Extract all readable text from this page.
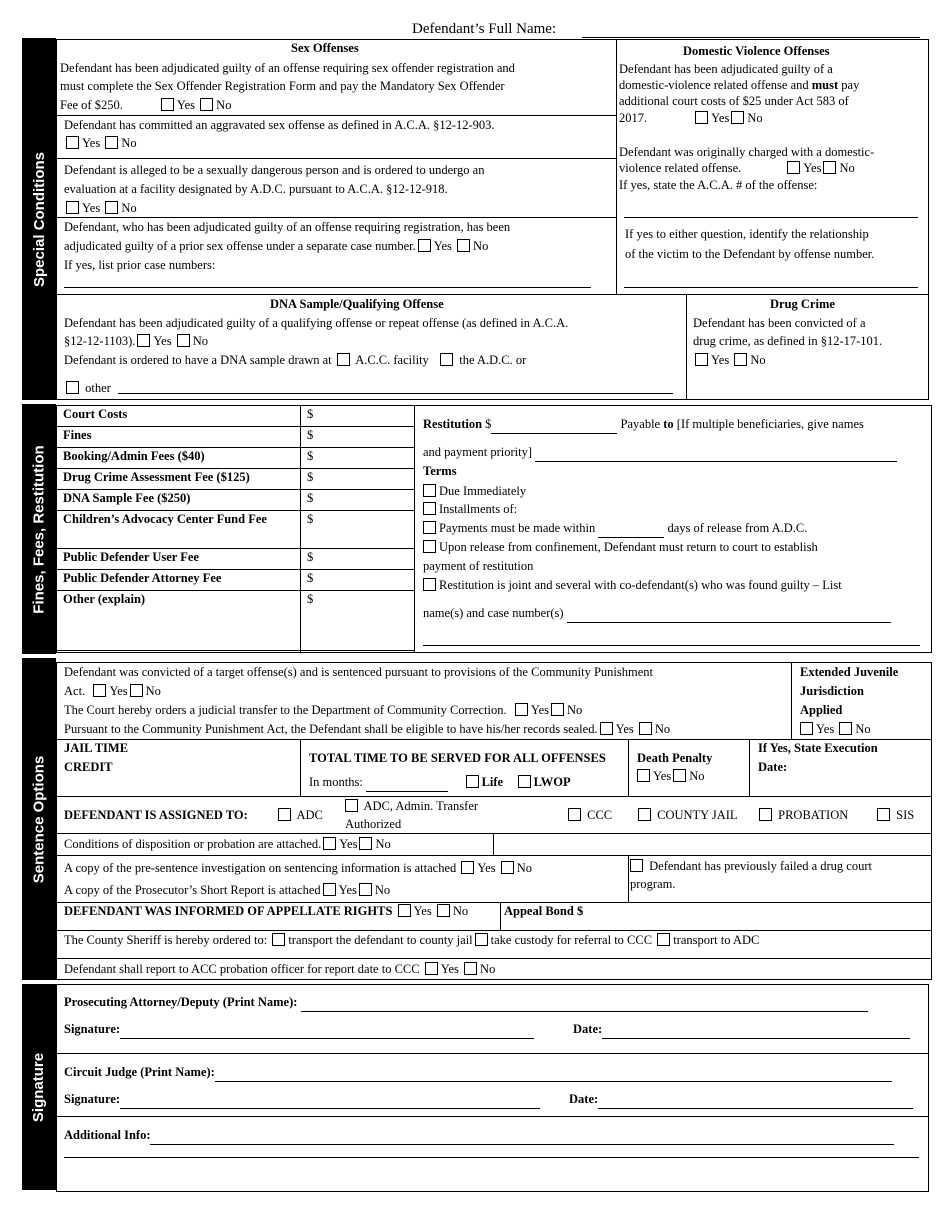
Defendant’s Full Name:
Special Conditions
Fines, Fees, Restitution
Sentence Options
Signature
Sex Offenses
Defendant has been adjudicated guilty of an offense requiring sex offender registration and
must complete the Sex Offender Registration Form and pay the Mandatory Sex Offender
Fee of $250.	Yes No
Defendant has committed an aggravated sex offense as defined in A.C.A. §12-12-903.
Yes No
Defendant is alleged to be a sexually dangerous person and is ordered to undergo an
evaluation at a facility designated by A.D.C. pursuant to A.C.A. §12-12-918.
Yes No
Defendant, who has been adjudicated guilty of an offense requiring registration, has been
adjudicated guilty of a prior sex offense under a separate case number. Yes No
If yes, list prior case numbers:
Domestic Violence Offenses
Defendant has been adjudicated guilty of a
domestic-violence related offense and must pay
additional court costs of $25 under Act 583 of
2017.	Yes No
Defendant was originally charged with a domestic-
violence related offense.	Yes No
If yes, state the A.C.A. # of the offense:
If yes to either question, identify the relationship
of the victim to the Defendant by offense number.
DNA Sample/Qualifying Offense
Defendant has been adjudicated guilty of a qualifying offense or repeat offense (as defined in A.C.A.
§12-12-1103). Yes No
Defendant is ordered to have a DNA sample drawn at A.C.C. facility the A.D.C. or
other
Drug Crime
Defendant has been convicted of a
drug crime, as defined in §12-17-101.
Yes No
Court Costs	$
Fines	$
Booking/Admin Fees ($40)	$
Drug Crime Assessment Fee ($125)	$
DNA Sample Fee ($250)	$
Children’s Advocacy Center Fund Fee	$
Public Defender User Fee	$
Public Defender Attorney Fee	$
Other (explain)	$
Restitution $	Payable to [If multiple beneficiaries, give names
and payment priority]
Terms
Due Immediately
Installments of:
Payments must be made within	days of release from A.D.C.
Upon release from confinement, Defendant must return to court to establish
payment of restitution
Restitution is joint and several with co-defendant(s) who was found guilty – List
name(s) and case number(s)
Defendant was convicted of a target offense(s) and is sentenced pursuant to provisions of the Community Punishment
Act. Yes No
The Court hereby orders a judicial transfer to the Department of Community Correction. Yes No
Pursuant to the Community Punishment Act, the Defendant shall be eligible to have his/her records sealed. Yes No
Extended Juvenile
Jurisdiction
Applied
Yes No
JAIL TIME
CREDIT
TOTAL TIME TO BE SERVED FOR ALL OFFENSES
In months:	Life LWOP
Death Penalty
Yes No
If Yes, State Execution
Date:
DEFENDANT IS ASSIGNED TO:	ADC
ADC, Admin. Transfer
Authorized
CCC	COUNTY JAIL	PROBATION	SIS
Conditions of disposition or probation are attached. Yes No
A copy of the pre-sentence investigation on sentencing information is attached Yes No
A copy of the Prosecutor’s Short Report is attached Yes No
Defendant has previously failed a drug court
program.
DEFENDANT WAS INFORMED OF APPELLATE RIGHTS Yes No	Appeal Bond $
The County Sheriff is hereby ordered to: transport the defendant to county jail take custody for referral to CCC transport to ADC
Defendant shall report to ACC probation officer for report date to CCC Yes No
Prosecuting Attorney/Deputy (Print Name):
Signature:	Date:
Circuit Judge (Print Name):
Signature:	Date:
Additional Info:
